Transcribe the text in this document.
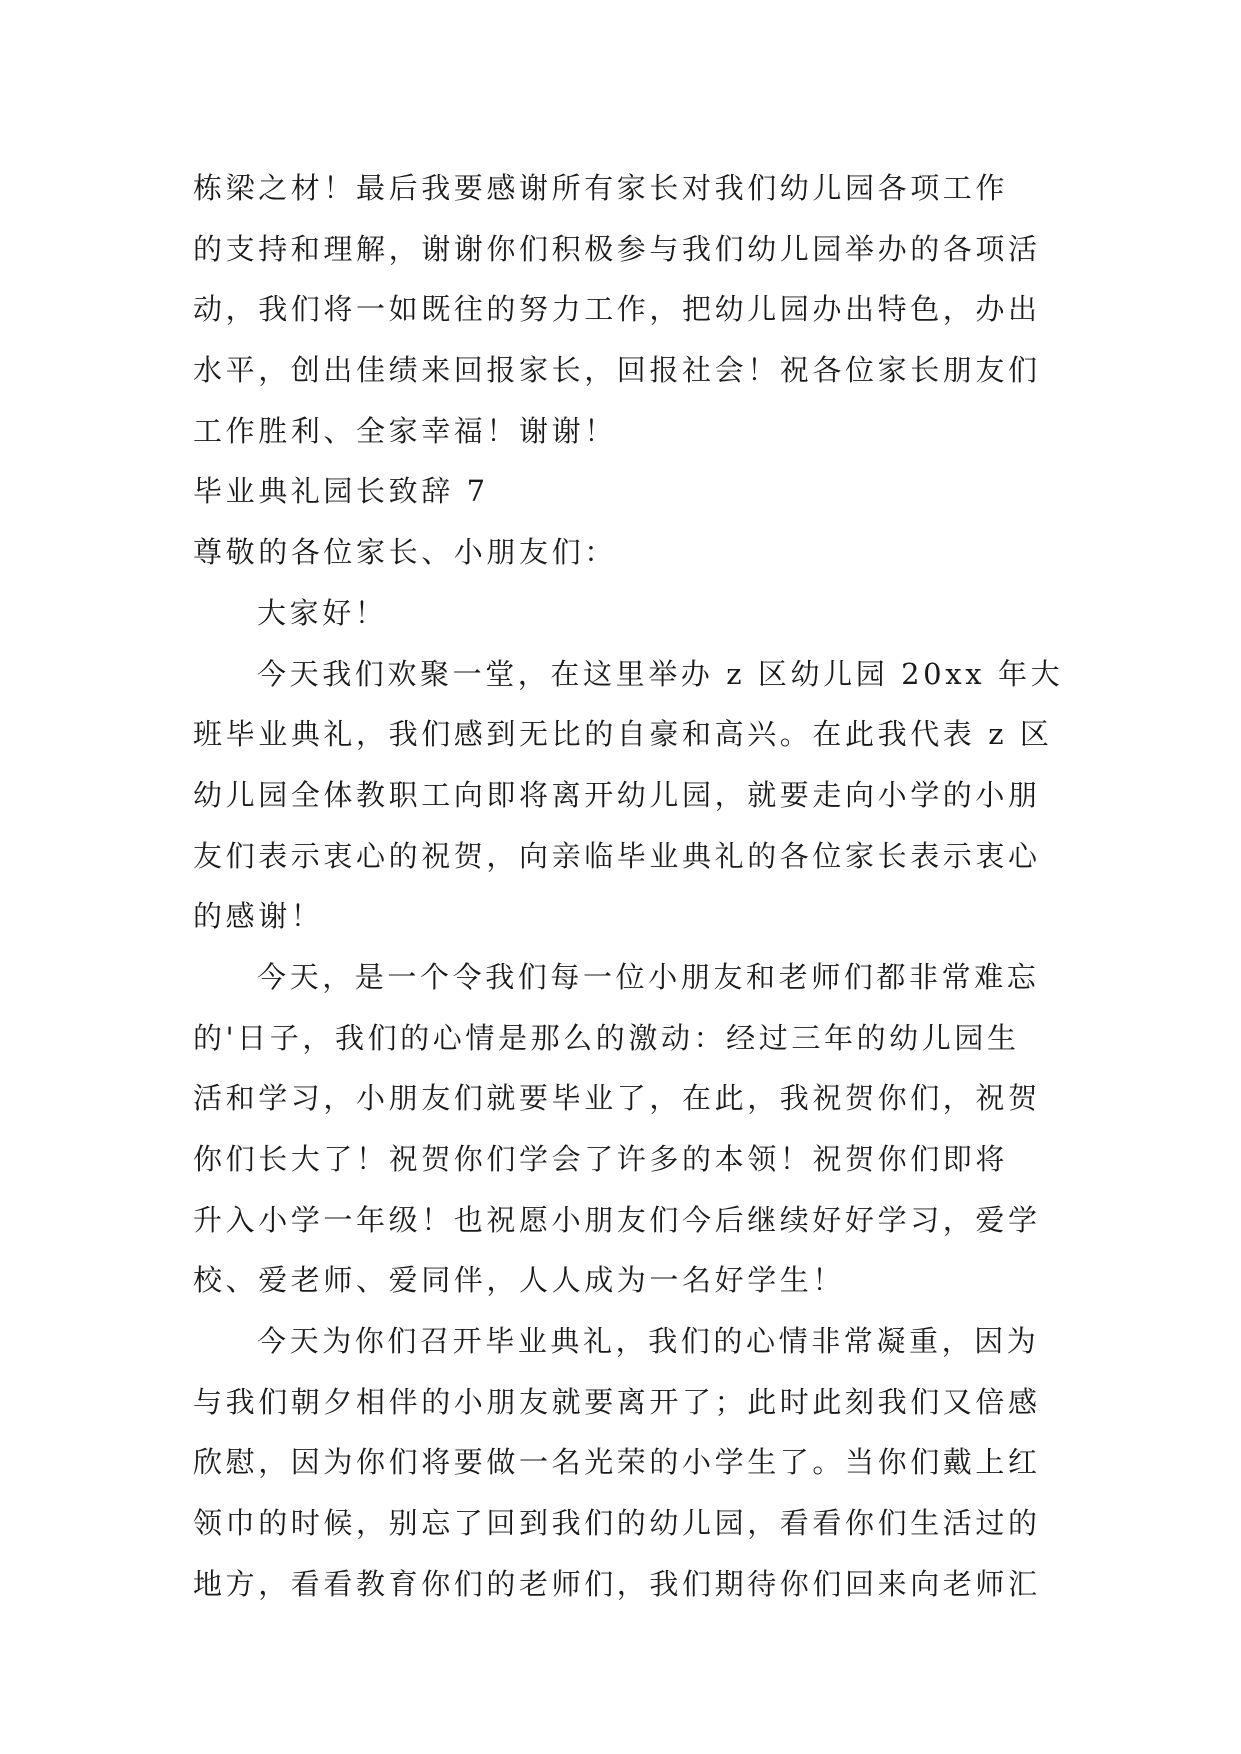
栋梁之材！最后我要感谢所有家长对我们幼儿园各项工作
的支持和理解，谢谢你们积极参与我们幼儿园举办的各项活
动，我们将一如既往的努力工作，把幼儿园办出特色，办出
水平，创出佳绩来回报家长，回报社会！祝各位家长朋友们
工作胜利、全家幸福！谢谢！
毕业典礼园长致辞 7
尊敬的各位家长、小朋友们：
大家好！
今天我们欢聚一堂，在这里举办 z 区幼儿园 20xx 年大
班毕业典礼，我们感到无比的自豪和高兴。在此我代表 z 区
幼儿园全体教职工向即将离开幼儿园，就要走向小学的小朋
友们表示衷心的祝贺，向亲临毕业典礼的各位家长表示衷心
的感谢！
今天，是一个令我们每一位小朋友和老师们都非常难忘
的'日子，我们的心情是那么的激动：经过三年的幼儿园生
活和学习，小朋友们就要毕业了，在此，我祝贺你们，祝贺
你们长大了！祝贺你们学会了许多的本领！祝贺你们即将
升入小学一年级！也祝愿小朋友们今后继续好好学习，爱学
校、爱老师、爱同伴，人人成为一名好学生！
今天为你们召开毕业典礼，我们的心情非常凝重，因为
与我们朝夕相伴的小朋友就要离开了；此时此刻我们又倍感
欣慰，因为你们将要做一名光荣的小学生了。当你们戴上红
领巾的时候，别忘了回到我们的幼儿园，看看你们生活过的
地方，看看教育你们的老师们，我们期待你们回来向老师汇
